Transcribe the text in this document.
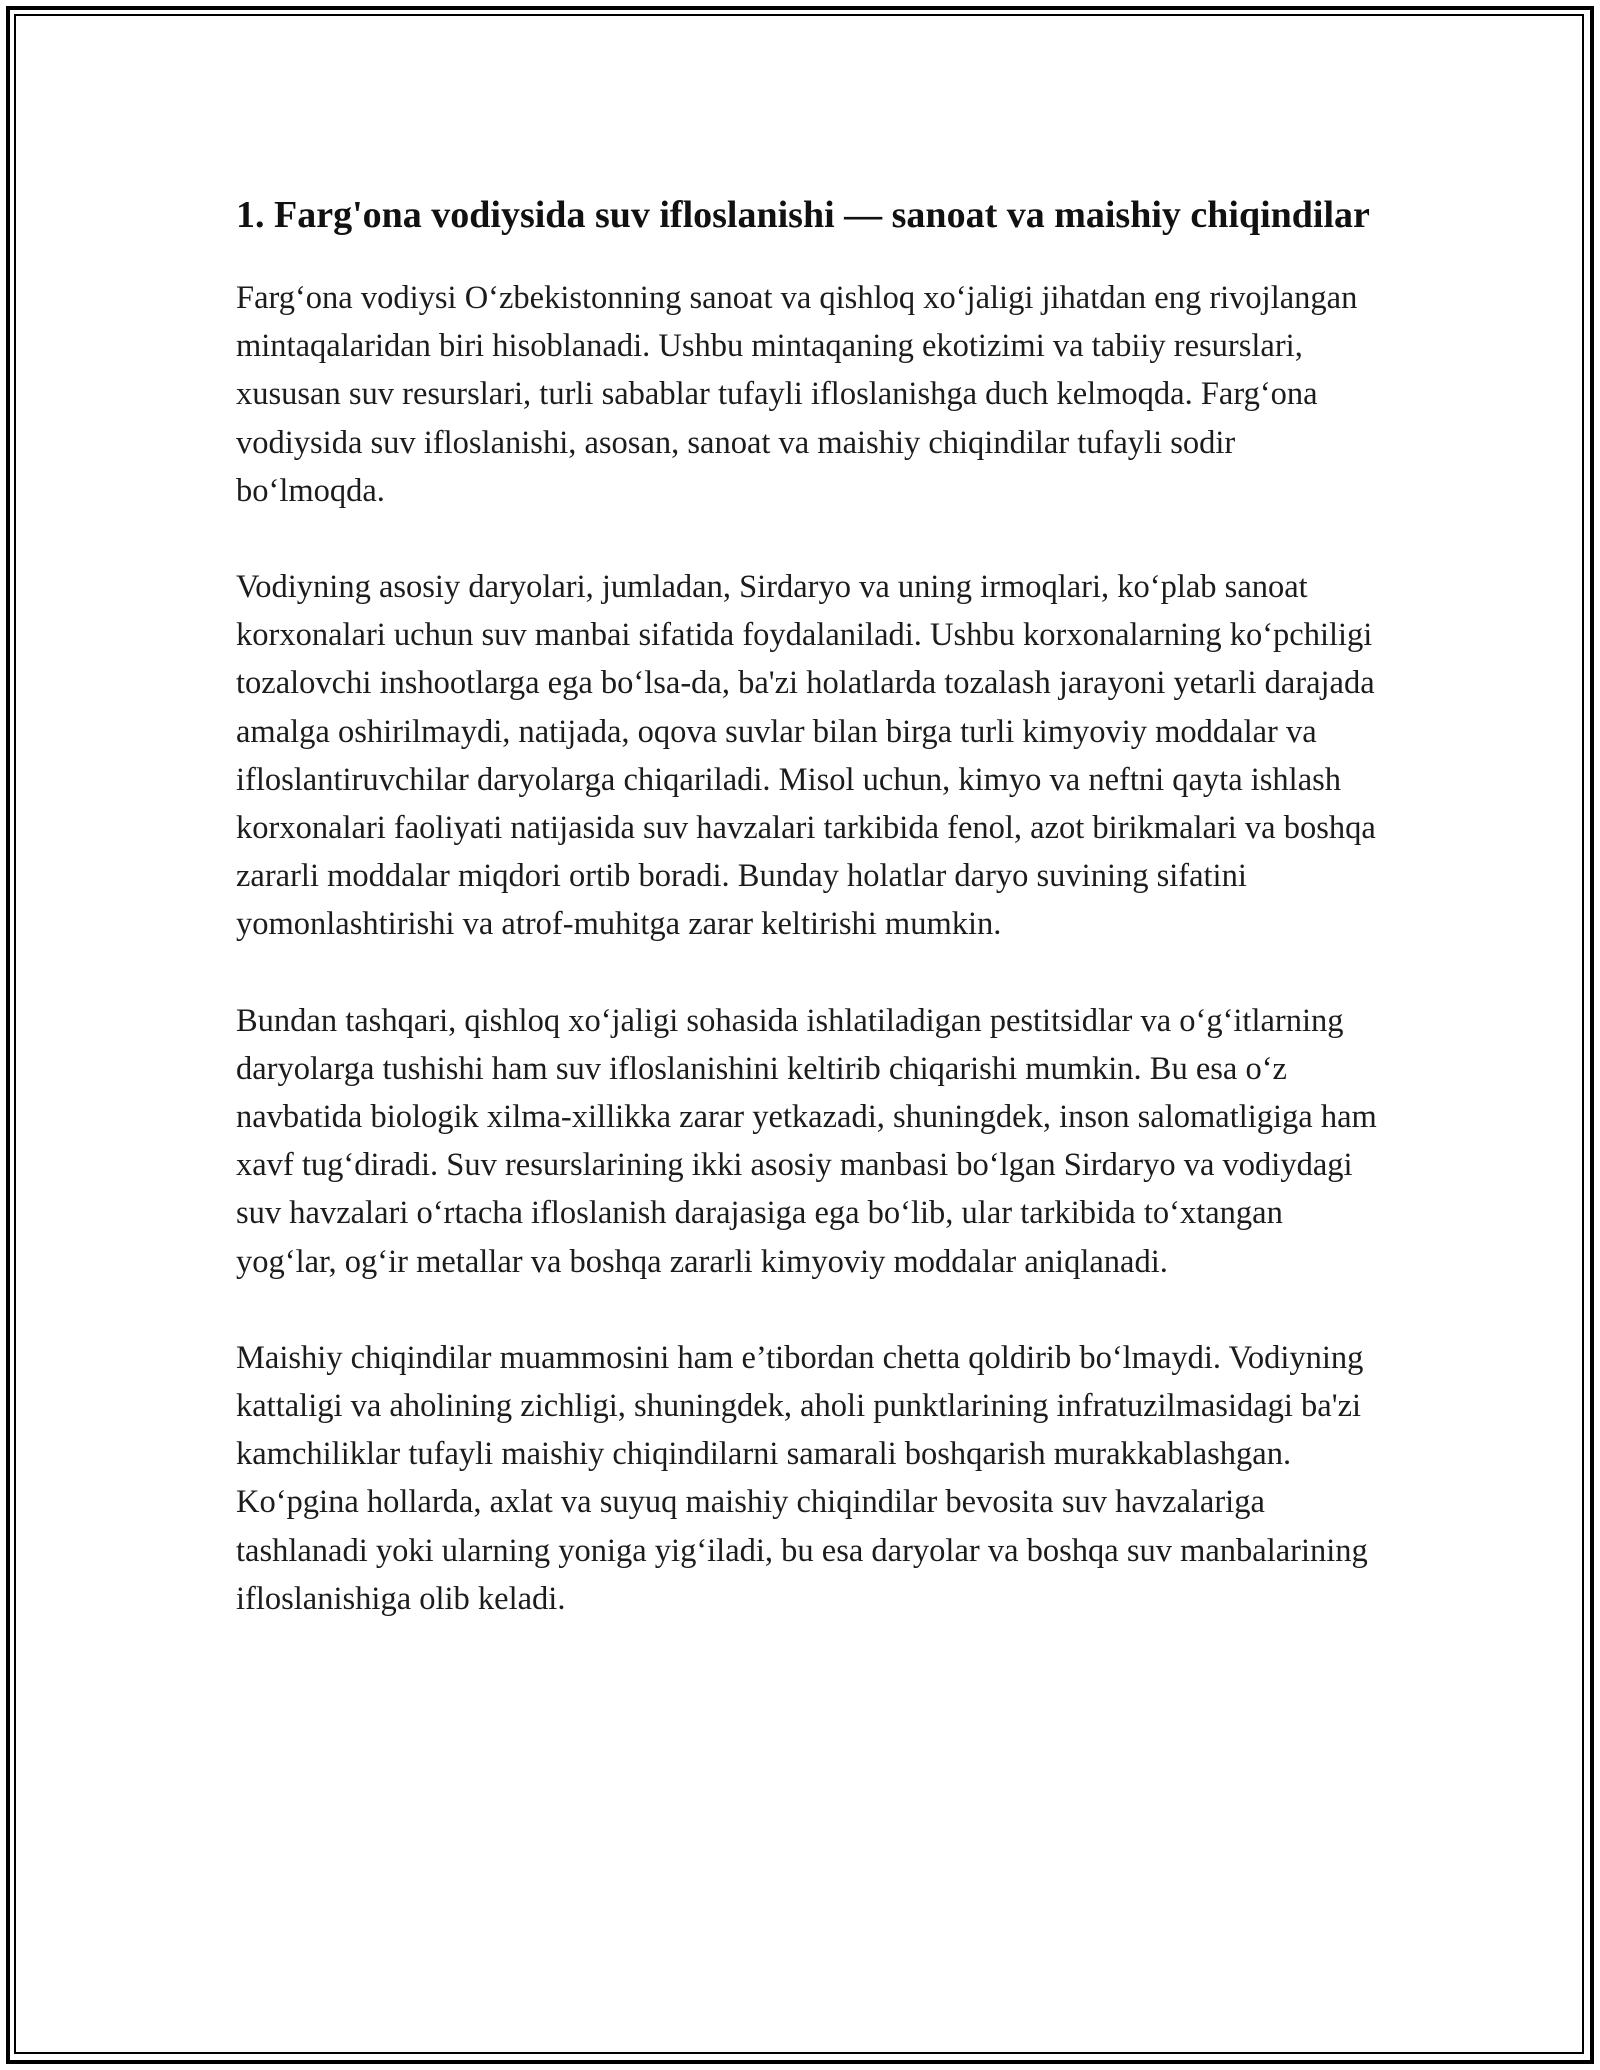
1. Farg'ona vodiysida suv ifloslanishi — sanoat va maishiy chiqindilar

Farg‘ona vodiysi O‘zbekistonning sanoat va qishloq xo‘jaligi jihatdan eng rivojlangan mintaqalaridan biri hisoblanadi. Ushbu mintaqaning ekotizimi va tabiiy resurslari, xususan suv resurslari, turli sabablar tufayli ifloslanishga duch kelmoqda. Farg‘ona vodiysida suv ifloslanishi, asosan, sanoat va maishiy chiqindilar tufayli sodir bo‘lmoqda.

Vodiyning asosiy daryolari, jumladan, Sirdaryo va uning irmoqlari, ko‘plab sanoat korxonalari uchun suv manbai sifatida foydalaniladi. Ushbu korxonalarning ko‘pchiligi tozalovchi inshootlarga ega bo‘lsa-da, ba'zi holatlarda tozalash jarayoni yetarli darajada amalga oshirilmaydi, natijada, oqova suvlar bilan birga turli kimyoviy moddalar va ifloslantiruvchilar daryolarga chiqariladi. Misol uchun, kimyo va neftni qayta ishlash korxonalari faoliyati natijasida suv havzalari tarkibida fenol, azot birikmalari va boshqa zararli moddalar miqdori ortib boradi. Bunday holatlar daryo suvining sifatini yomonlashtirishi va atrof-muhitga zarar keltirishi mumkin.

Bundan tashqari, qishloq xo‘jaligi sohasida ishlatiladigan pestitsidlar va o‘g‘itlarning daryolarga tushishi ham suv ifloslanishini keltirib chiqarishi mumkin. Bu esa o‘z navbatida biologik xilma-xillikka zarar yetkazadi, shuningdek, inson salomatligiga ham xavf tug‘diradi. Suv resurslarining ikki asosiy manbasi bo‘lgan Sirdaryo va vodiydagi suv havzalari o‘rtacha ifloslanish darajasiga ega bo‘lib, ular tarkibida to‘xtangan yog‘lar, og‘ir metallar va boshqa zararli kimyoviy moddalar aniqlanadi.

Maishiy chiqindilar muammosini ham e’tibordan chetta qoldirib bo‘lmaydi. Vodiyning kattaligi va aholining zichligi, shuningdek, aholi punktlarining infratuzilmasidagi ba'zi kamchiliklar tufayli maishiy chiqindilarni samarali boshqarish murakkablashgan. Ko‘pgina hollarda, axlat va suyuq maishiy chiqindilar bevosita suv havzalariga tashlanadi yoki ularning yoniga yig‘iladi, bu esa daryolar va boshqa suv manbalarining ifloslanishiga olib keladi.
